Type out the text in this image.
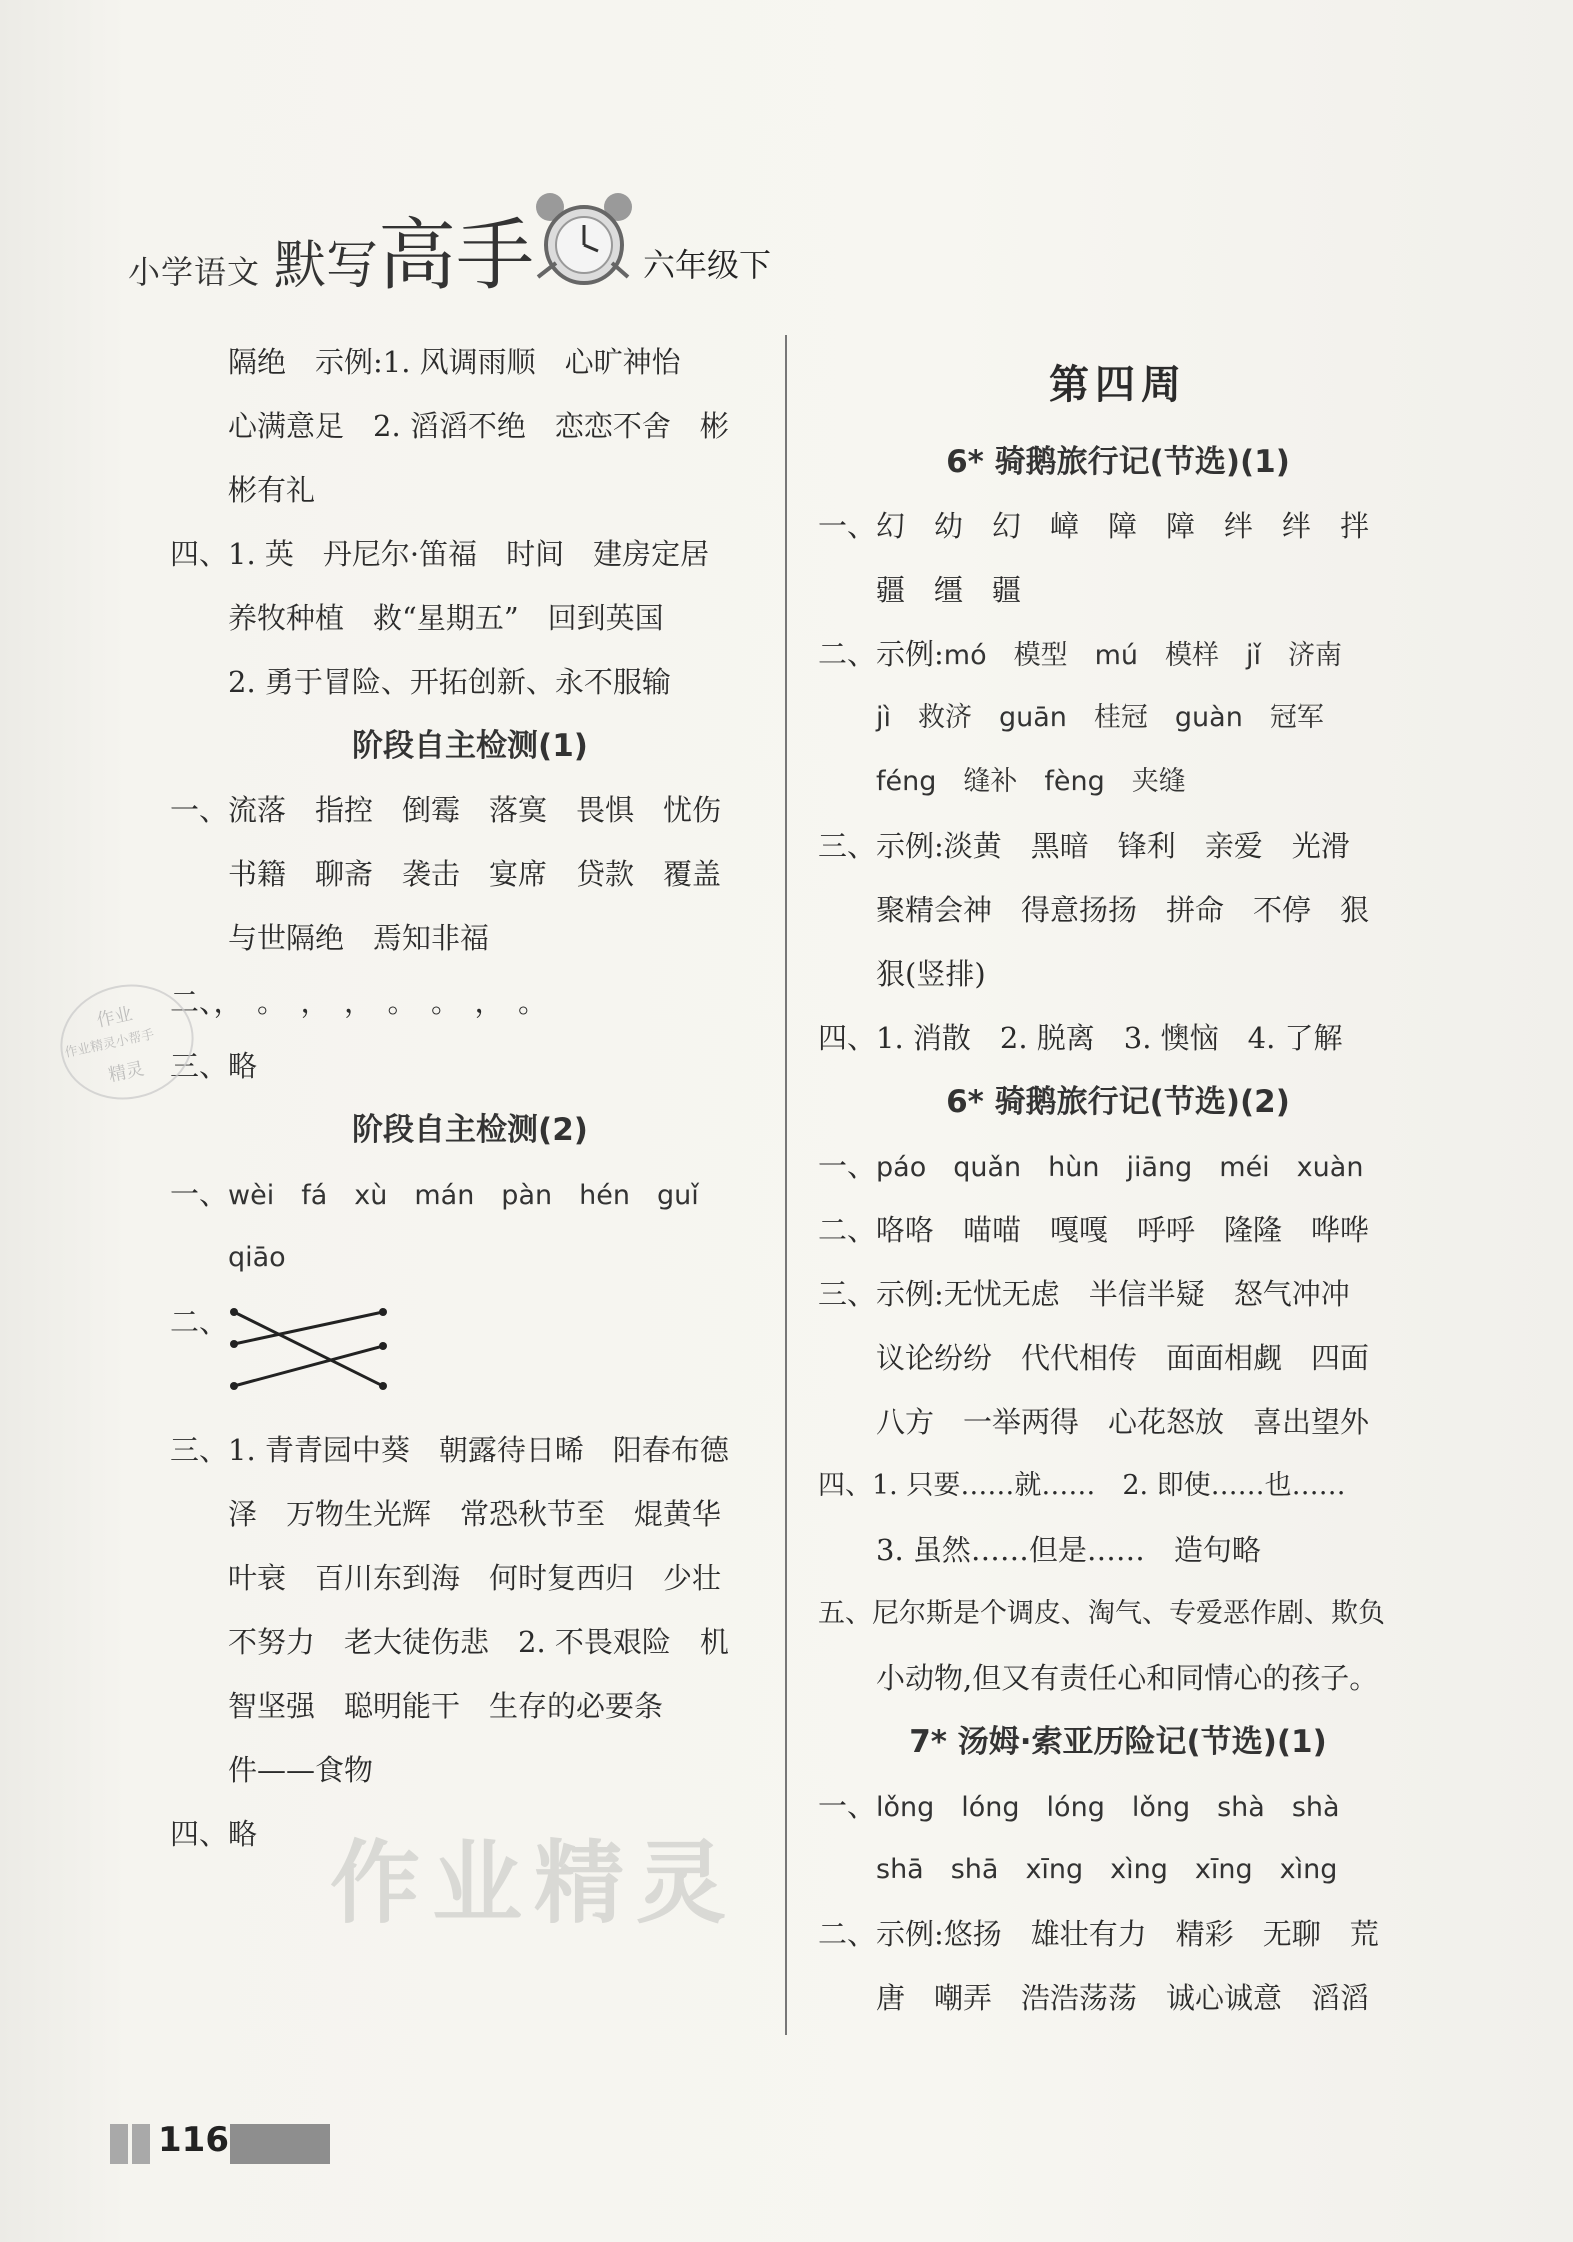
小学语文 默写 高手	六年级下
隔绝　示例:1. 风调雨顺　心旷神怡
心满意足　2. 滔滔不绝　恋恋不舍　彬
彬有礼
四、1. 英　丹尼尔·笛福　时间　建房定居
养牧种植　救“星期五”　回到英国
2. 勇于冒险、开拓创新、永不服输
阶段自主检测(1)
一、流落　指控　倒霉　落寞　畏惧　忧伤
书籍　聊斋　袭击　宴席　贷款　覆盖
与世隔绝　焉知非福
二、，　。　，　，　。　。　，　。
三、略
阶段自主检测(2)
一、wèi　fá　xù　mán　pàn　hén　guǐ
qiāo
二、
三、1. 青青园中葵　朝露待日晞　阳春布德
泽　万物生光辉　常恐秋节至　焜黄华
叶衰　百川东到海　何时复西归　少壮
不努力　老大徒伤悲　2. 不畏艰险　机
智坚强　聪明能干　生存的必要条
件——食物
四、略
第四周
6* 骑鹅旅行记(节选)(1)
一、幻　幼　幻　嶂　障　障　绊　绊　拌
疆　缰　疆
二、示例:mó　模型　mú　模样　jǐ　济南
jì　救济　guān　桂冠　guàn　冠军
féng　缝补　fèng　夹缝
三、示例:淡黄　黑暗　锋利　亲爱　光滑
聚精会神　得意扬扬　拼命　不停　狠
狠(竖排)
四、1. 消散　2. 脱离　3. 懊恼　4. 了解
6* 骑鹅旅行记(节选)(2)
一、páo　quǎn　hùn　jiāng　méi　xuàn
二、咯咯　喵喵　嘎嘎　呼呼　隆隆　哗哗
三、示例:无忧无虑　半信半疑　怒气冲冲
议论纷纷　代代相传　面面相觑　四面
八方　一举两得　心花怒放　喜出望外
四、1. 只要……就……　2. 即使……也……
3. 虽然……但是……　造句略
五、尼尔斯是个调皮、淘气、专爱恶作剧、欺负
小动物,但又有责任心和同情心的孩子。
7* 汤姆·索亚历险记(节选)(1)
一、lǒng　lóng　lóng　lǒng　shà　shà
shā　shā　xīng　xìng　xīng　xìng
二、示例:悠扬　雄壮有力　精彩　无聊　荒
唐　嘲弄　浩浩荡荡　诚心诚意　滔滔
作业
作业精灵小帮手
精灵
作业精灵
116
